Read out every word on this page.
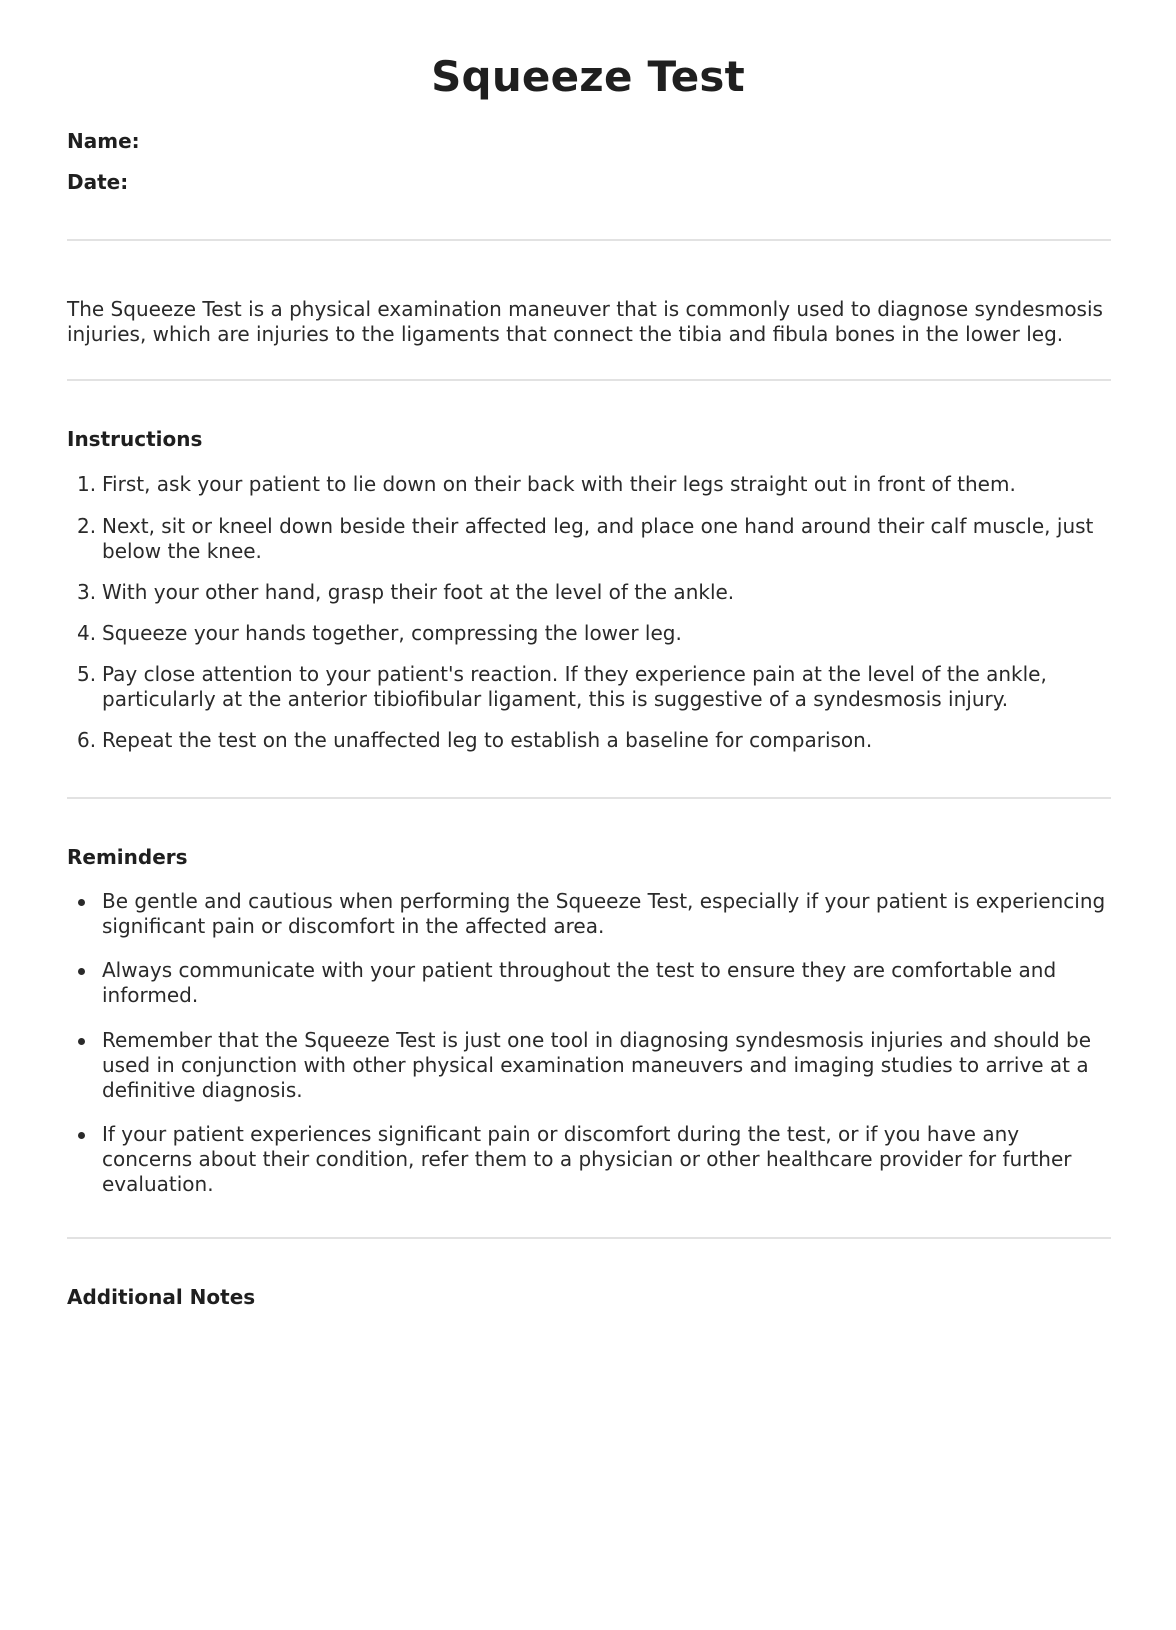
Squeeze Test
Name:
Date:
The Squeeze Test is a physical examination maneuver that is commonly used to diagnose syndesmosis injuries, which are injuries to the ligaments that connect the tibia and fibula bones in the lower leg.
Instructions
1. First, ask your patient to lie down on their back with their legs straight out in front of them.
2. Next, sit or kneel down beside their affected leg, and place one hand around their calf muscle, just below the knee.
3. With your other hand, grasp their foot at the level of the ankle.
4. Squeeze your hands together, compressing the lower leg.
5. Pay close attention to your patient's reaction. If they experience pain at the level of the ankle, particularly at the anterior tibiofibular ligament, this is suggestive of a syndesmosis injury.
6. Repeat the test on the unaffected leg to establish a baseline for comparison.
Reminders
Be gentle and cautious when performing the Squeeze Test, especially if your patient is experiencing significant pain or discomfort in the affected area.
Always communicate with your patient throughout the test to ensure they are comfortable and informed.
Remember that the Squeeze Test is just one tool in diagnosing syndesmosis injuries and should be used in conjunction with other physical examination maneuvers and imaging studies to arrive at a definitive diagnosis.
If your patient experiences significant pain or discomfort during the test, or if you have any concerns about their condition, refer them to a physician or other healthcare provider for further evaluation.
Additional Notes
